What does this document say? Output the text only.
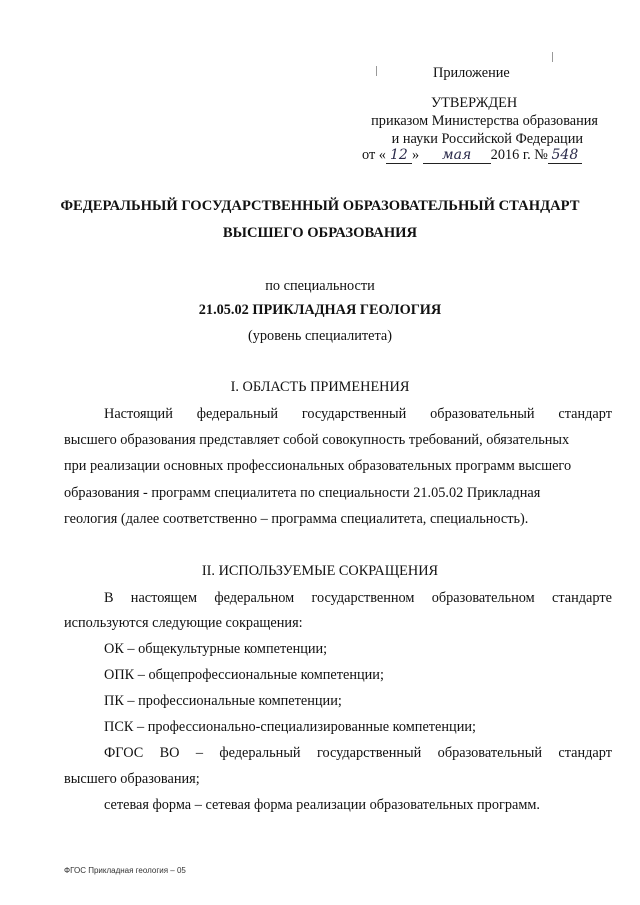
Приложение
УТВЕРЖДЕН
приказом Министерства образования
и науки Российской Федерации
от « 12 » мая 2016 г. № 548
ФЕДЕРАЛЬНЫЙ ГОСУДАРСТВЕННЫЙ ОБРАЗОВАТЕЛЬНЫЙ СТАНДАРТ
ВЫСШЕГО ОБРАЗОВАНИЯ
по специальности
21.05.02 ПРИКЛАДНАЯ ГЕОЛОГИЯ
(уровень специалитета)
I. ОБЛАСТЬ ПРИМЕНЕНИЯ
Настоящий федеральный государственный образовательный стандарт
высшего образования представляет собой совокупность требований, обязательных
при реализации основных профессиональных образовательных программ высшего
образования - программ специалитета по специальности 21.05.02 Прикладная
геология (далее соответственно – программа специалитета, специальность).
II. ИСПОЛЬЗУЕМЫЕ СОКРАЩЕНИЯ
В настоящем федеральном государственном образовательном стандарте
используются следующие сокращения:
ОК – общекультурные компетенции;
ОПК – общепрофессиональные компетенции;
ПК – профессиональные компетенции;
ПСК – профессионально-специализированные компетенции;
ФГОС ВО – федеральный государственный образовательный стандарт
высшего образования;
сетевая форма – сетевая форма реализации образовательных программ.
ФГОС Прикладная геология – 05
